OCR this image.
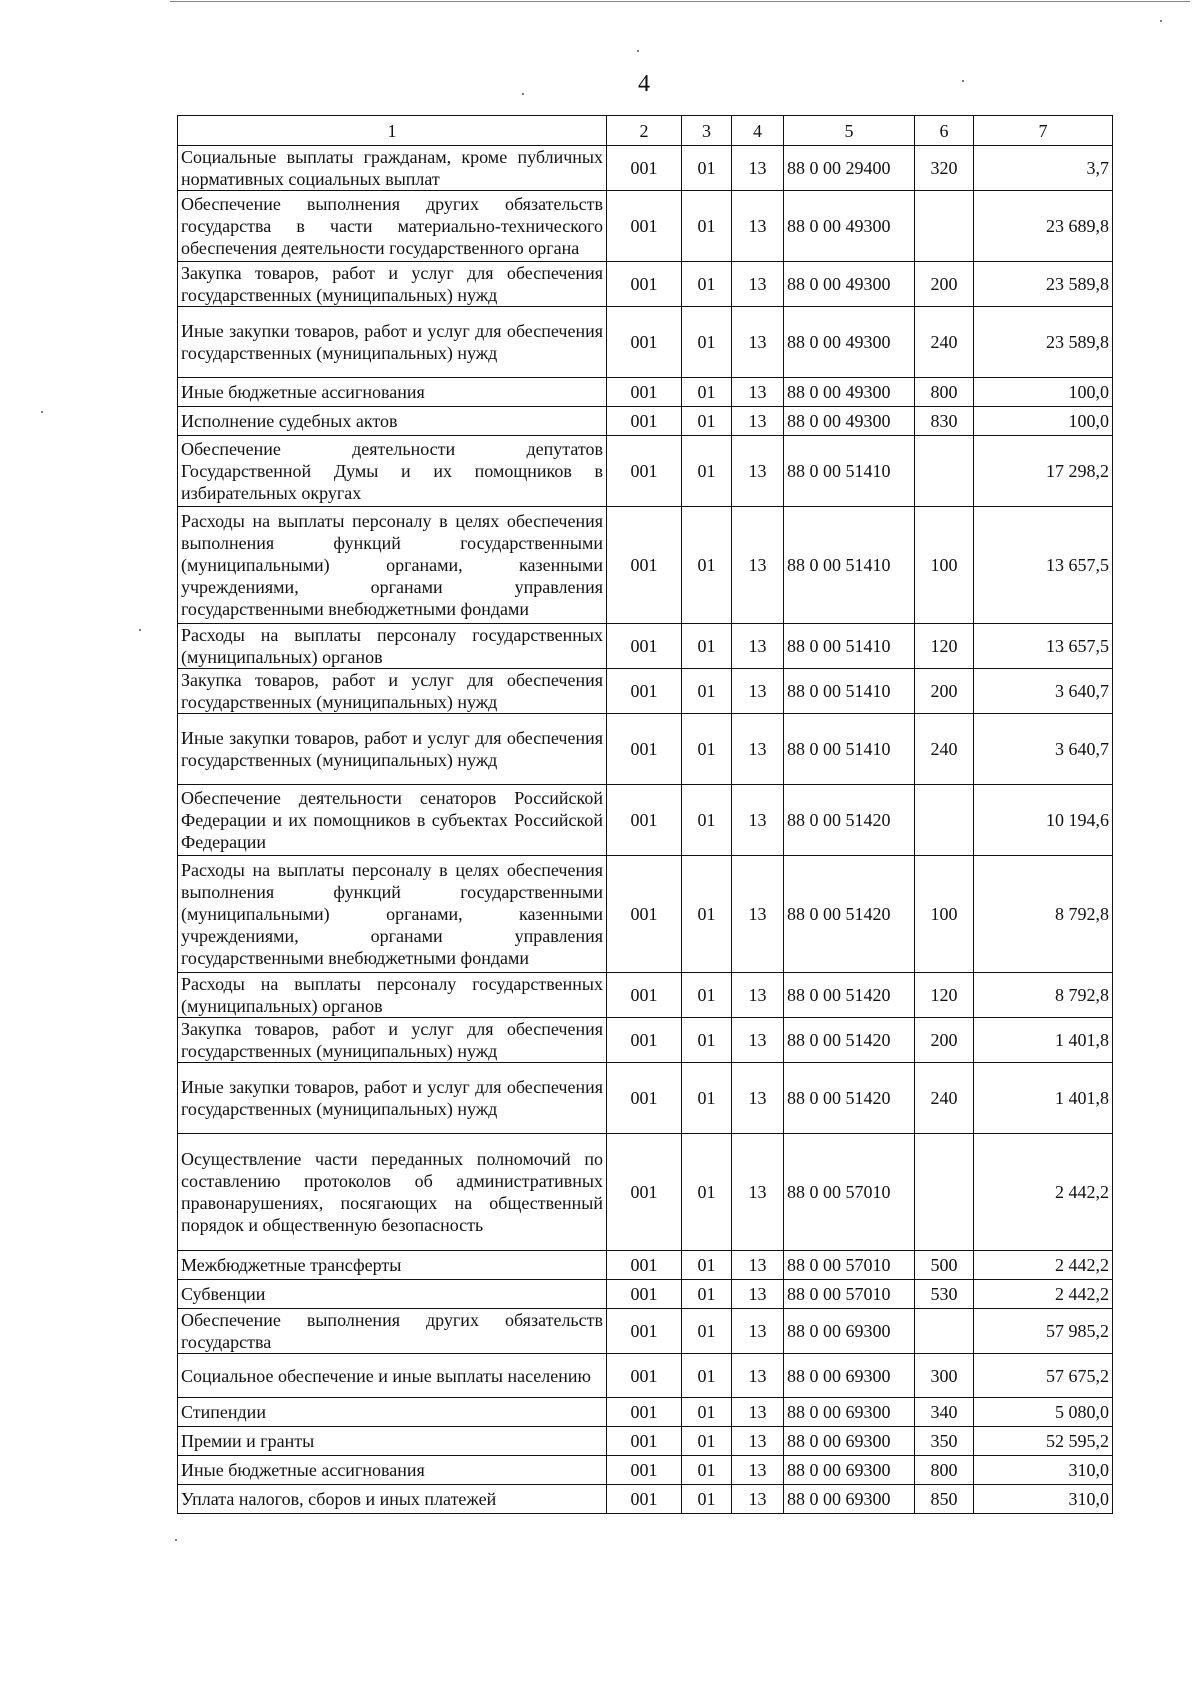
4
1	2	3	4	5	6	7
Социальные выплаты гражданам, кроме публичных нормативных социальных выплат	001	01	13	88 0 00 29400	320	3,7
Обеспечение выполнения других обязательств государства в части материально-технического обеспечения деятельности государственного органа	001	01	13	88 0 00 49300		23 689,8
Закупка товаров, работ и услуг для обеспечения государственных (муниципальных) нужд	001	01	13	88 0 00 49300	200	23 589,8
Иные закупки товаров, работ и услуг для обеспечения государственных (муниципальных) нужд	001	01	13	88 0 00 49300	240	23 589,8
Иные бюджетные ассигнования	001	01	13	88 0 00 49300	800	100,0
Исполнение судебных актов	001	01	13	88 0 00 49300	830	100,0
Обеспечение деятельности депутатов Государственной Думы и их помощников в избирательных округах	001	01	13	88 0 00 51410		17 298,2
Расходы на выплаты персоналу в целях обеспечения выполнения функций государственными (муниципальными) органами, казенными учреждениями, органами управления государственными внебюджетными фондами	001	01	13	88 0 00 51410	100	13 657,5
Расходы на выплаты персоналу государственных (муниципальных) органов	001	01	13	88 0 00 51410	120	13 657,5
Закупка товаров, работ и услуг для обеспечения государственных (муниципальных) нужд	001	01	13	88 0 00 51410	200	3 640,7
Иные закупки товаров, работ и услуг для обеспечения государственных (муниципальных) нужд	001	01	13	88 0 00 51410	240	3 640,7
Обеспечение деятельности сенаторов Российской Федерации и их помощников в субъектах Российской Федерации	001	01	13	88 0 00 51420		10 194,6
Расходы на выплаты персоналу в целях обеспечения выполнения функций государственными (муниципальными) органами, казенными учреждениями, органами управления государственными внебюджетными фондами	001	01	13	88 0 00 51420	100	8 792,8
Расходы на выплаты персоналу государственных (муниципальных) органов	001	01	13	88 0 00 51420	120	8 792,8
Закупка товаров, работ и услуг для обеспечения государственных (муниципальных) нужд	001	01	13	88 0 00 51420	200	1 401,8
Иные закупки товаров, работ и услуг для обеспечения государственных (муниципальных) нужд	001	01	13	88 0 00 51420	240	1 401,8
Осуществление части переданных полномочий по составлению протоколов об административных правонарушениях, посягающих на общественный порядок и общественную безопасность	001	01	13	88 0 00 57010		2 442,2
Межбюджетные трансферты	001	01	13	88 0 00 57010	500	2 442,2
Субвенции	001	01	13	88 0 00 57010	530	2 442,2
Обеспечение выполнения других обязательств государства	001	01	13	88 0 00 69300		57 985,2
Социальное обеспечение и иные выплаты населению	001	01	13	88 0 00 69300	300	57 675,2
Стипендии	001	01	13	88 0 00 69300	340	5 080,0
Премии и гранты	001	01	13	88 0 00 69300	350	52 595,2
Иные бюджетные ассигнования	001	01	13	88 0 00 69300	800	310,0
Уплата налогов, сборов и иных платежей	001	01	13	88 0 00 69300	850	310,0
